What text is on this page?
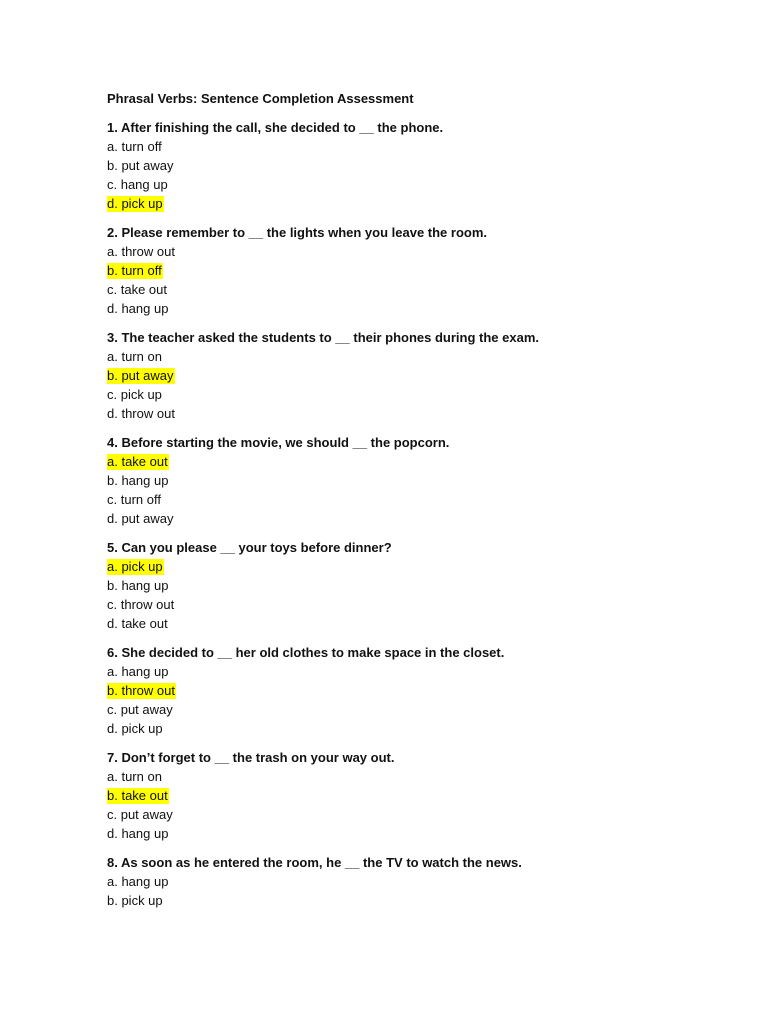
Phrasal Verbs: Sentence Completion Assessment
1. After finishing the call, she decided to __ the phone.
a. turn off
b. put away
c. hang up
d. pick up
2. Please remember to __ the lights when you leave the room.
a. throw out
b. turn off
c. take out
d. hang up
3. The teacher asked the students to __ their phones during the exam.
a. turn on
b. put away
c. pick up
d. throw out
4. Before starting the movie, we should __ the popcorn.
a. take out
b. hang up
c. turn off
d. put away
5. Can you please __ your toys before dinner?
a. pick up
b. hang up
c. throw out
d. take out
6. She decided to __ her old clothes to make space in the closet.
a. hang up
b. throw out
c. put away
d. pick up
7. Don’t forget to __ the trash on your way out.
a. turn on
b. take out
c. put away
d. hang up
8. As soon as he entered the room, he __ the TV to watch the news.
a. hang up
b. pick up
